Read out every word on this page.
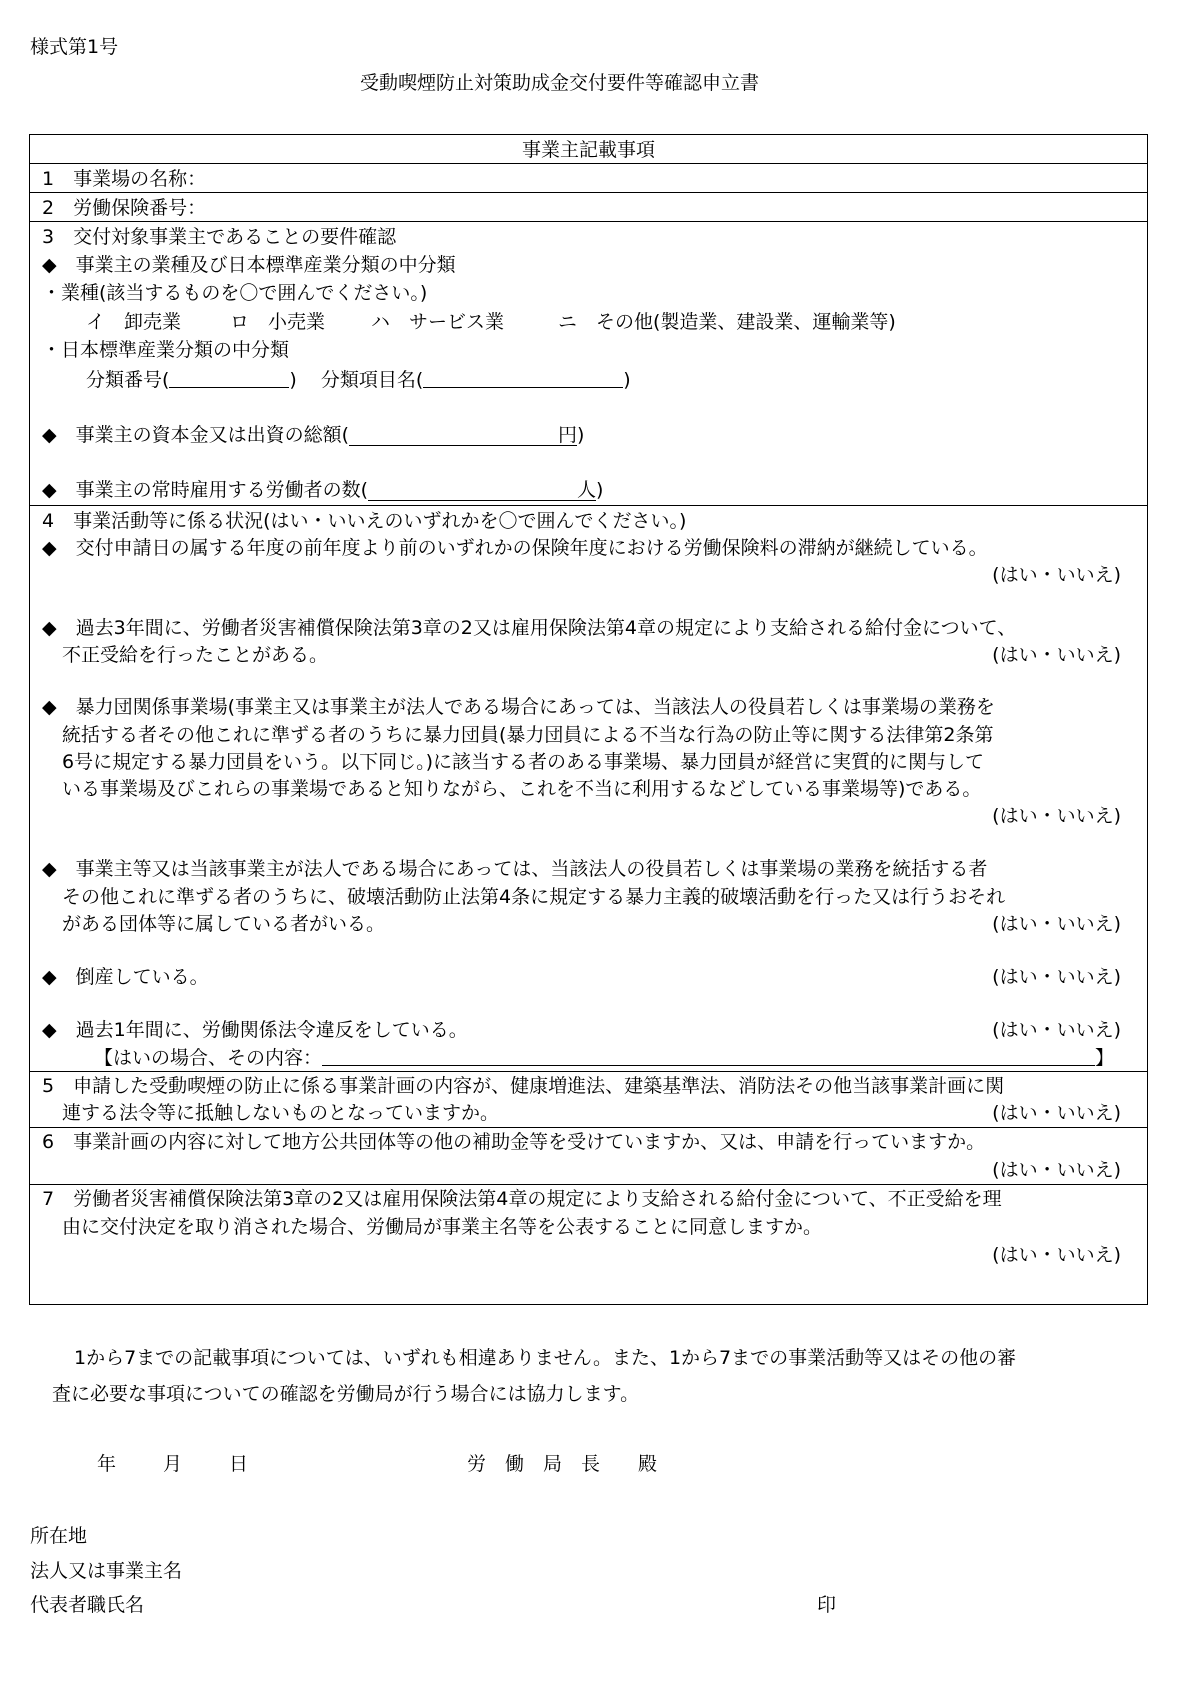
様式第1号
受動喫煙防止対策助成金交付要件等確認申立書
事業主記載事項
1　事業場の名称：
2　労働保険番号：
3　交付対象事業主であることの要件確認
◆　事業主の業種及び日本標準産業分類の中分類
・業種(該当するものを〇で囲んでください。)
イ　卸売業	ロ　小売業 ハ　サービス業	ニ　その他(製造業、建設業、運輸業等)
・日本標準産業分類の中分類
分類番号(	) 分類項目名(	)
◆　事業主の資本金又は出資の総額(	円)
◆　事業主の常時雇用する労働者の数(	人)
4　事業活動等に係る状況(はい・いいえのいずれかを〇で囲んでください。)
◆　交付申請日の属する年度の前年度より前のいずれかの保険年度における労働保険料の滞納が継続している。
(はい・いいえ)
◆　過去3年間に、労働者災害補償保険法第3章の2又は雇用保険法第4章の規定により支給される給付金について、
不正受給を行ったことがある。	(はい・いいえ)
◆　暴力団関係事業場(事業主又は事業主が法人である場合にあっては、当該法人の役員若しくは事業場の業務を
統括する者その他これに準ずる者のうちに暴力団員(暴力団員による不当な行為の防止等に関する法律第2条第
6号に規定する暴力団員をいう。以下同じ。)に該当する者のある事業場、暴力団員が経営に実質的に関与して
いる事業場及びこれらの事業場であると知りながら、これを不当に利用するなどしている事業場等)である。
(はい・いいえ)
◆　事業主等又は当該事業主が法人である場合にあっては、当該法人の役員若しくは事業場の業務を統括する者
その他これに準ずる者のうちに、破壊活動防止法第4条に規定する暴力主義的破壊活動を行った又は行うおそれ
がある団体等に属している者がいる。	(はい・いいえ)
◆　倒産している。	(はい・いいえ)
◆　過去1年間に、労働関係法令違反をしている。	(はい・いいえ)
【はいの場合、その内容：	】
5　申請した受動喫煙の防止に係る事業計画の内容が、健康増進法、建築基準法、消防法その他当該事業計画に関
連する法令等に抵触しないものとなっていますか。	(はい・いいえ)
6　事業計画の内容に対して地方公共団体等の他の補助金等を受けていますか、又は、申請を行っていますか。
(はい・いいえ)
7　労働者災害補償保険法第3章の2又は雇用保険法第4章の規定により支給される給付金について、不正受給を理
由に交付決定を取り消された場合、労働局が事業主名等を公表することに同意しますか。
(はい・いいえ)
1から7までの記載事項については、いずれも相違ありません。また、1から7までの事業活動等又はその他の審
査に必要な事項についての確認を労働局が行う場合には協力します。
年 月 日	労　働　局　長　　殿
所在地
法人又は事業主名
代表者職氏名	印
